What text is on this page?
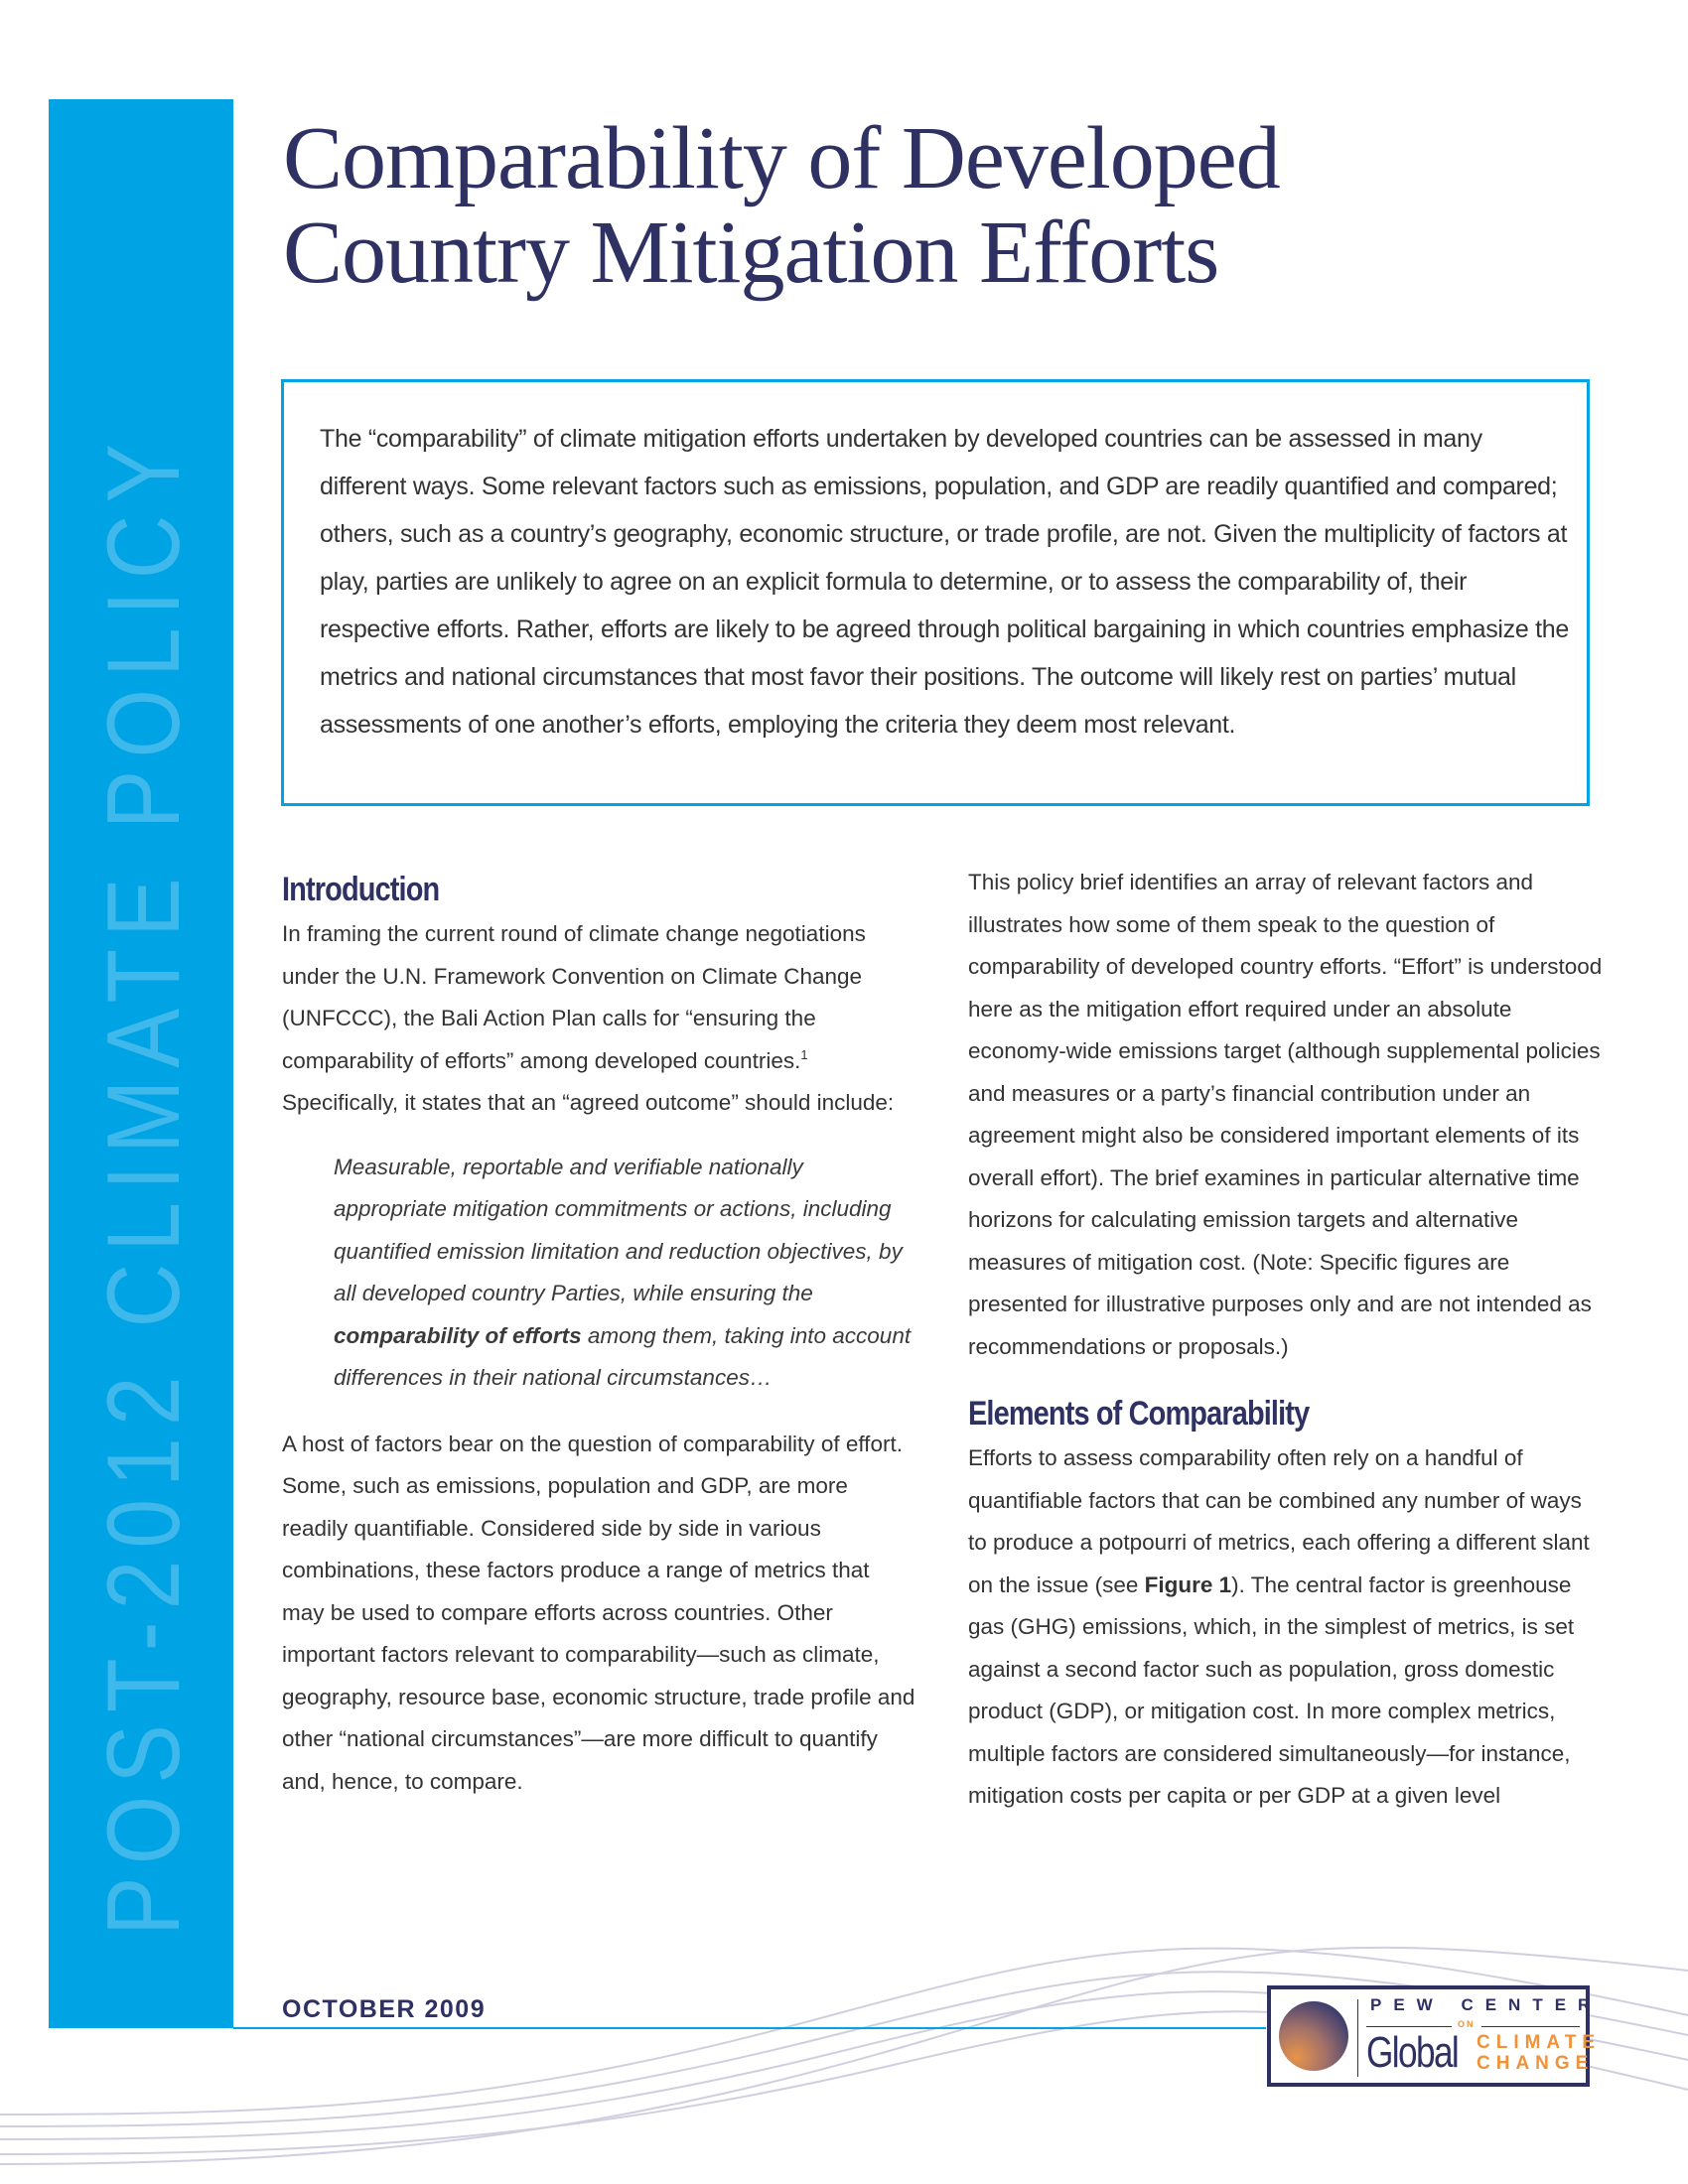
POST-2012 CLIMATE POLICY
Comparability of Developed
Country Mitigation Efforts

The “comparability” of climate mitigation efforts undertaken by developed countries can be assessed in many different ways. Some relevant factors such as emissions, population, and GDP are readily quantified and compared; others, such as a country’s geography, economic structure, or trade profile, are not. Given the multiplicity of factors at play, parties are unlikely to agree on an explicit formula to determine, or to assess the comparability of, their respective efforts. Rather, efforts are likely to be agreed through political bargaining in which countries emphasize the metrics and national circumstances that most favor their positions. The outcome will likely rest on parties’ mutual assessments of one another’s efforts, employing the criteria they deem most relevant.

Introduction

In framing the current round of climate change negotiations under the U.N. Framework Convention on Climate Change (UNFCCC), the Bali Action Plan calls for “ensuring the comparability of efforts” among developed countries.$^1$ Specifically, it states that an “agreed outcome” should include:

Measurable, reportable and verifiable nationally appropriate mitigation commitments or actions, including quantified emission limitation and reduction objectives, by all developed country Parties, while ensuring the comparability of efforts among them, taking into account differences in their national circumstances…

A host of factors bear on the question of comparability of effort. Some, such as emissions, population and GDP, are more readily quantifiable. Considered side by side in various combinations, these factors produce a range of metrics that may be used to compare efforts across countries. Other important factors relevant to comparability—such as climate, geography, resource base, economic structure, trade profile and other “national circumstances”—are more difficult to quantify and, hence, to compare.

This policy brief identifies an array of relevant factors and illustrates how some of them speak to the question of comparability of developed country efforts. “Effort” is understood here as the mitigation effort required under an absolute economy-wide emissions target (although supplemental policies and measures or a party’s financial contribution under an agreement might also be considered important elements of its overall effort). The brief examines in particular alternative time horizons for calculating emission targets and alternative measures of mitigation cost. (Note: Specific figures are presented for illustrative purposes only and are not intended as recommendations or proposals.)

Elements of Comparability

Efforts to assess comparability often rely on a handful of quantifiable factors that can be combined any number of ways to produce a potpourri of metrics, each offering a different slant on the issue (see Figure 1). The central factor is greenhouse gas (GHG) emissions, which, in the simplest of metrics, is set against a second factor such as population, gross domestic product (GDP), or mitigation cost. In more complex metrics, multiple factors are considered simultaneously—for instance, mitigation costs per capita or per GDP at a given level

OCTOBER 2009	PEW CENTER
ON
Global CLIMATE
CHANGE
